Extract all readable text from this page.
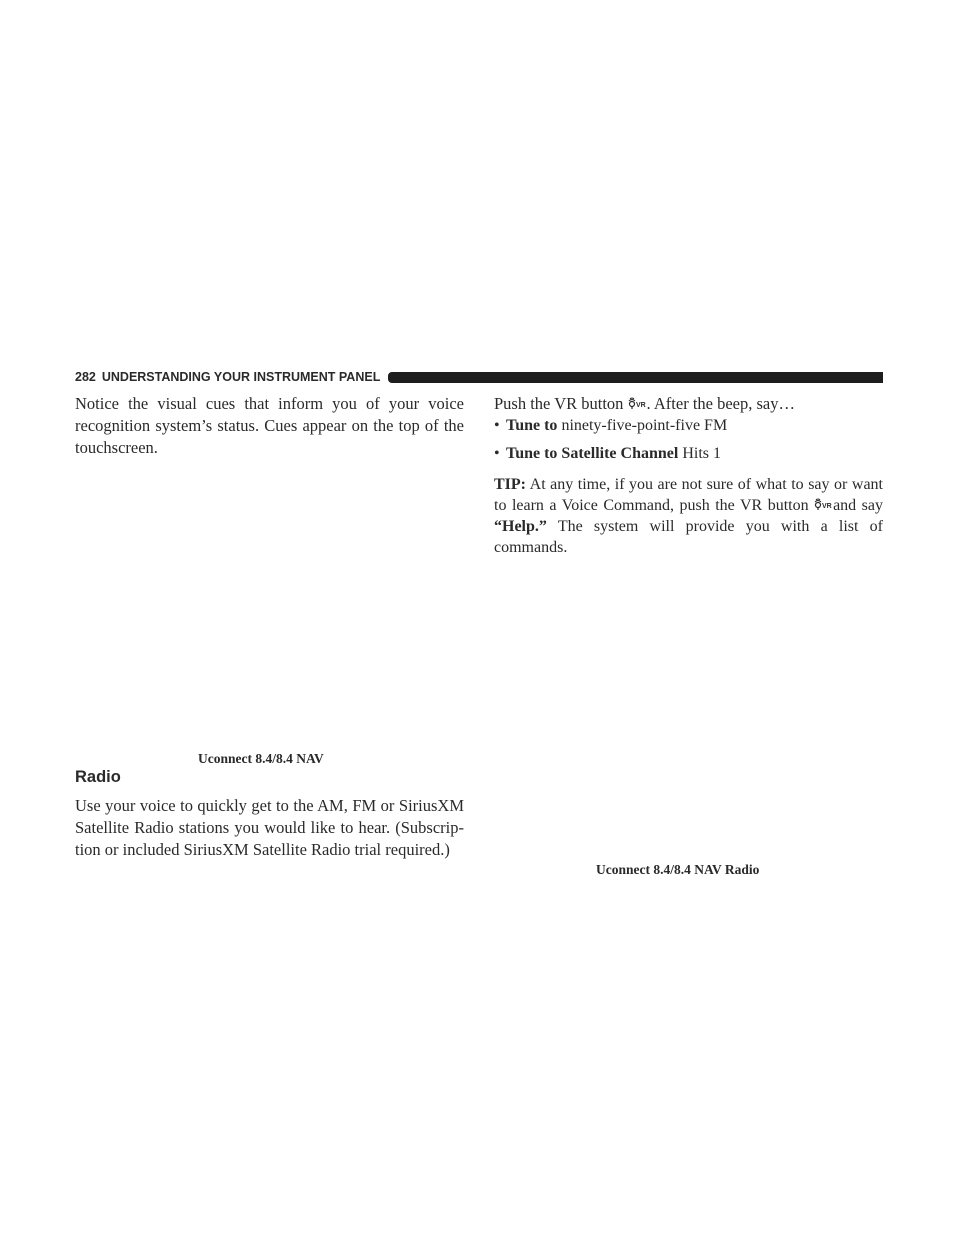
282 UNDERSTANDING YOUR INSTRUMENT PANEL

Notice the visual cues that inform you of your voice recognition system’s status. Cues appear on the top of the touchscreen.

Uconnect 8.4/8.4 NAV
Radio

Use your voice to quickly get to the AM, FM or SiriusXM Satellite Radio stations you would like to hear. (Subscrip- tion or included SiriusXM Satellite Radio trial required.)

Push the VR button VR . After the beep, say…

• Tune to ninety-five-point-five FM
• Tune to Satellite Channel Hits 1

TIP: At any time, if you are not sure of what to say or want to learn a Voice Command, push the VR button VR and say “Help.” The system will provide you with a list of commands.

Uconnect 8.4/8.4 NAV Radio
